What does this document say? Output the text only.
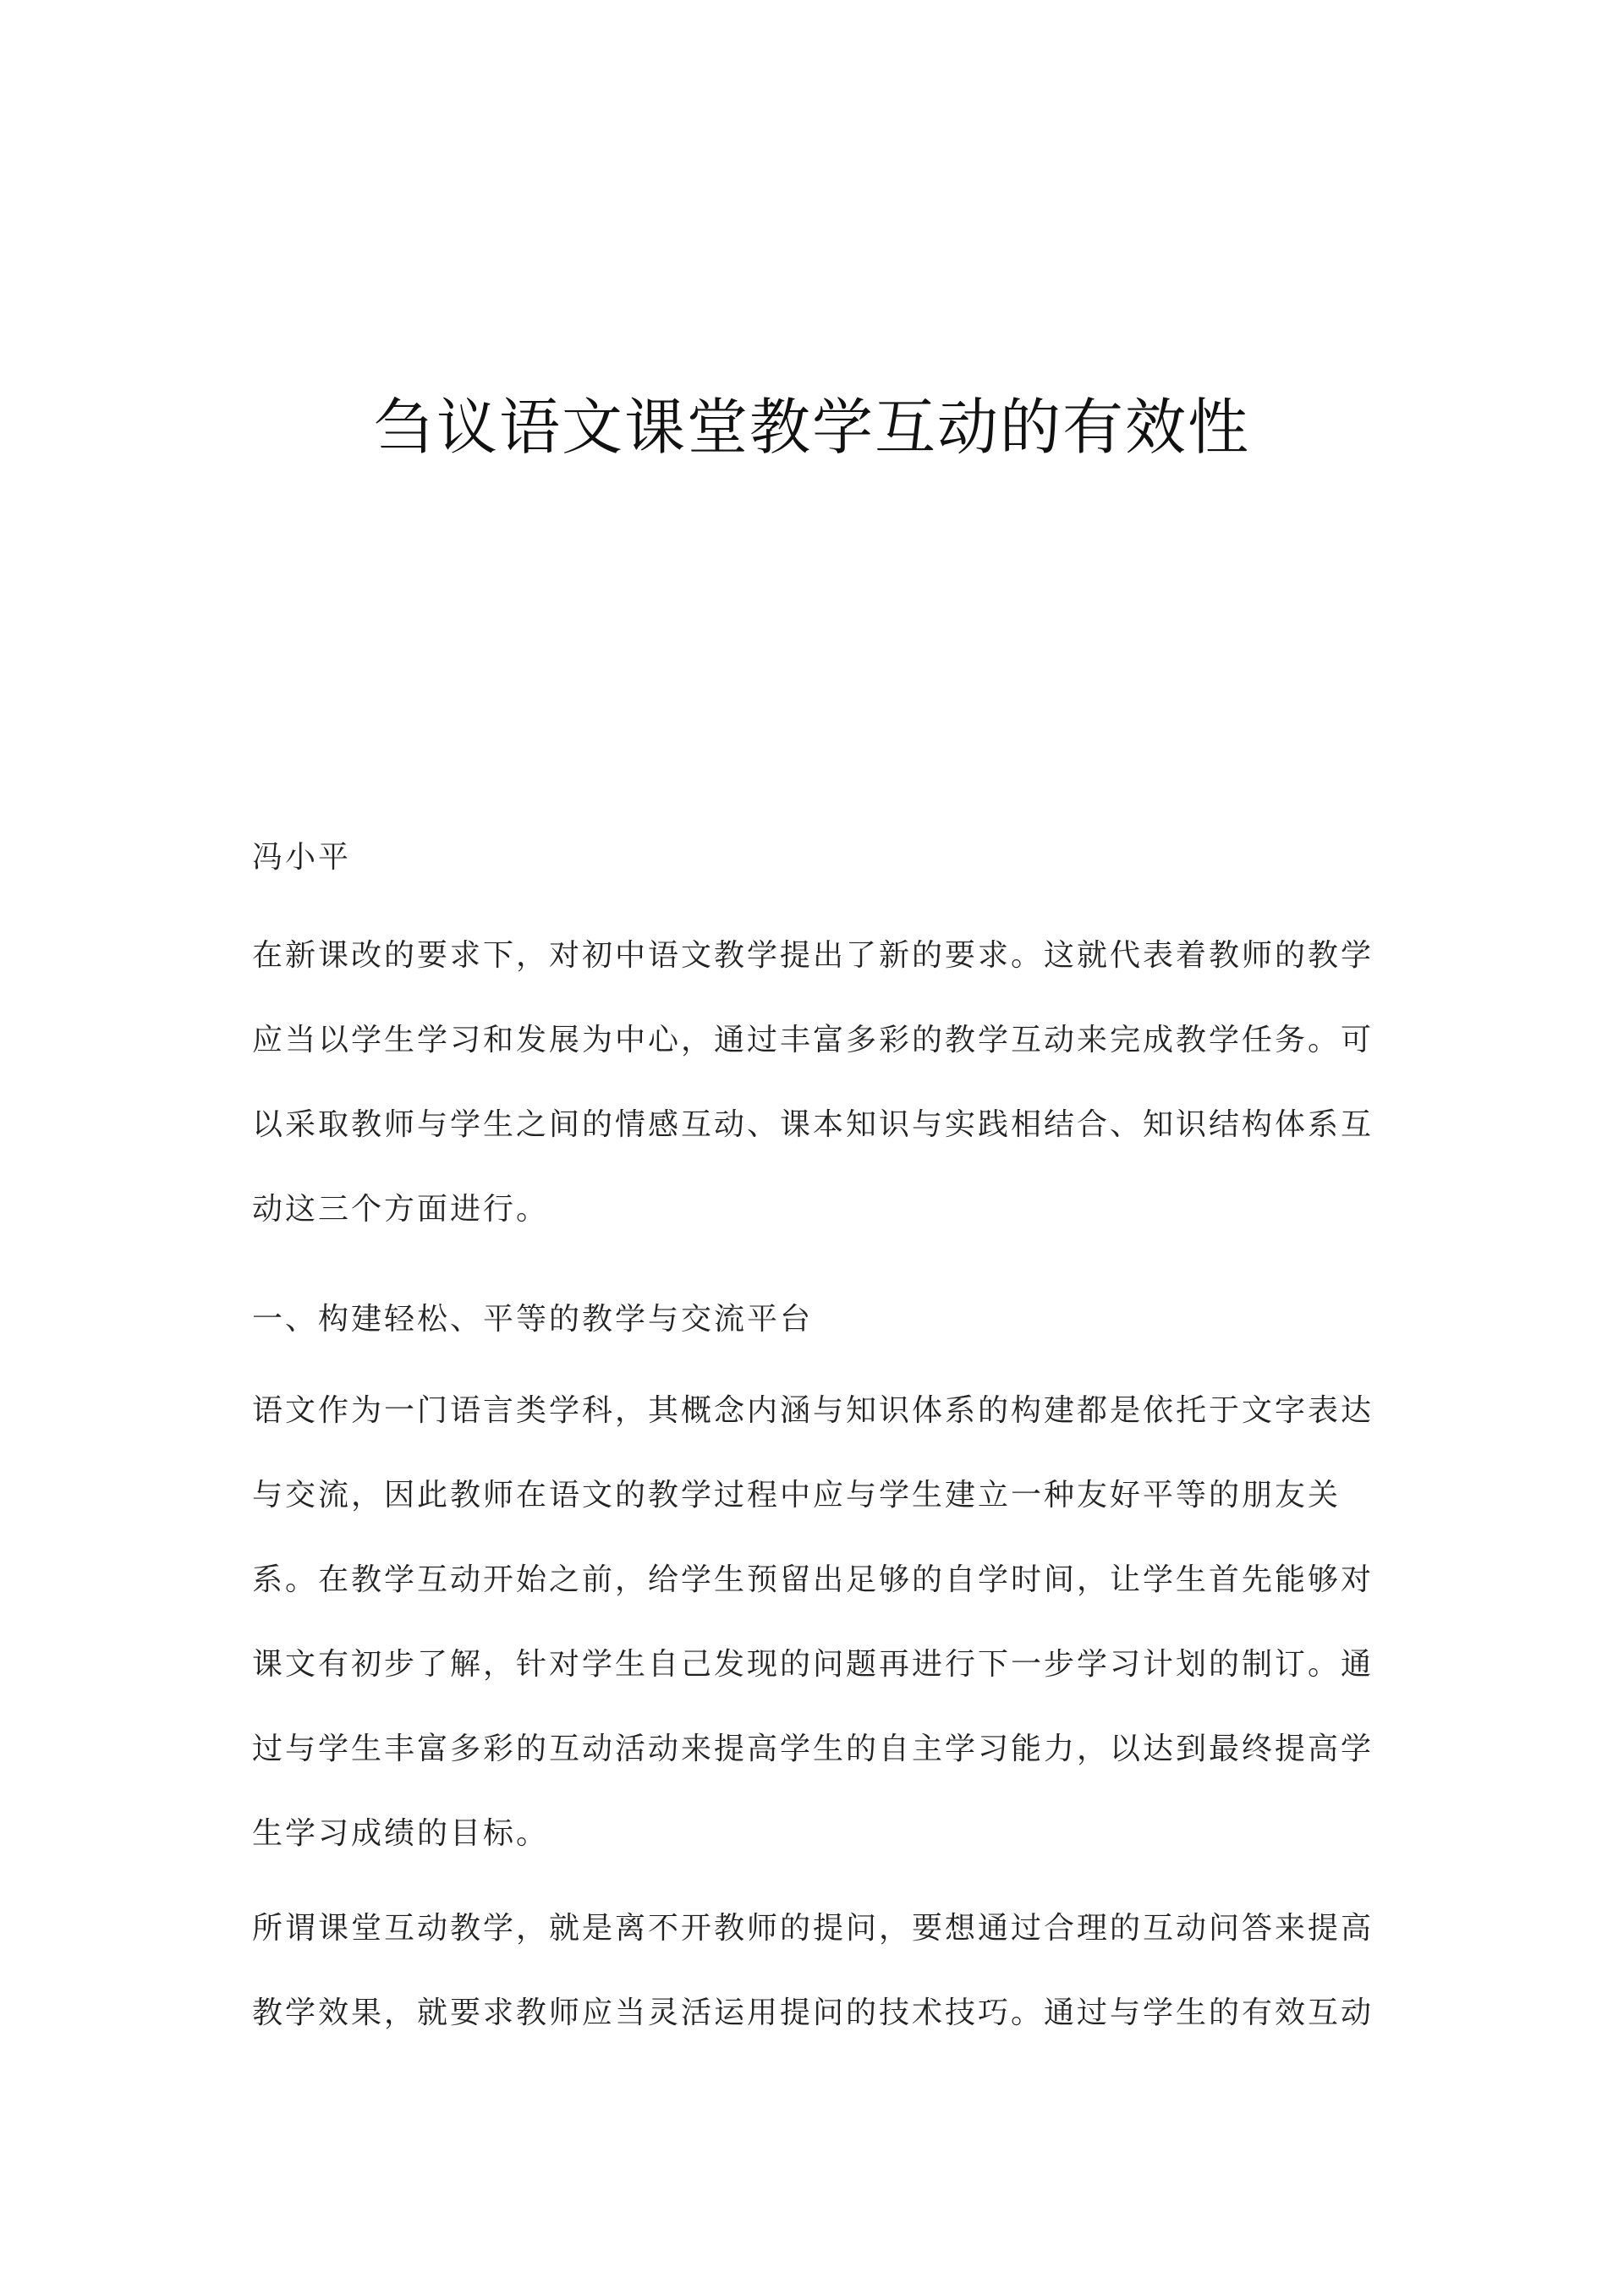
刍议语文课堂教学互动的有效性

冯小平

在新课改的要求下，对初中语文教学提出了新的要求。这就代表着教师的教学
应当以学生学习和发展为中心，通过丰富多彩的教学互动来完成教学任务。可
以采取教师与学生之间的情感互动、课本知识与实践相结合、知识结构体系互
动这三个方面进行。

一、构建轻松、平等的教学与交流平台

语文作为一门语言类学科，其概念内涵与知识体系的构建都是依托于文字表达
与交流，因此教师在语文的教学过程中应与学生建立一种友好平等的朋友关
系。在教学互动开始之前，给学生预留出足够的自学时间，让学生首先能够对
课文有初步了解，针对学生自己发现的问题再进行下一步学习计划的制订。通
过与学生丰富多彩的互动活动来提高学生的自主学习能力，以达到最终提高学
生学习成绩的目标。
所谓课堂互动教学，就是离不开教师的提问，要想通过合理的互动问答来提高
教学效果，就要求教师应当灵活运用提问的技术技巧。通过与学生的有效互动
